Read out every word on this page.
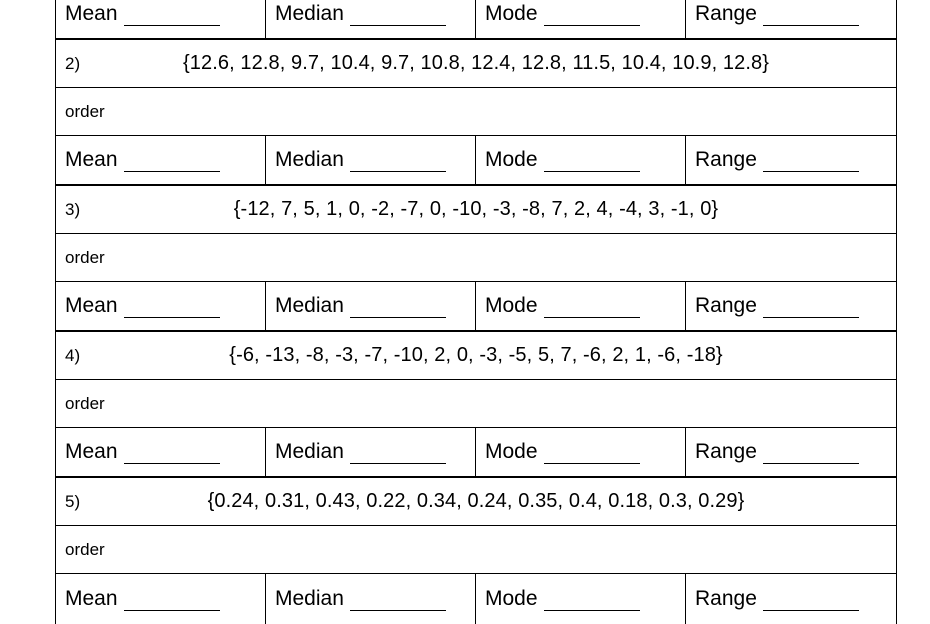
Mean	Median	Mode	Range
2)	{12.6, 12.8, 9.7, 10.4, 9.7, 10.8, 12.4, 12.8, 11.5, 10.4, 10.9, 12.8}
order
Mean	Median	Mode	Range
3)	{-12, 7, 5, 1, 0, -2, -7, 0, -10, -3, -8, 7, 2, 4, -4, 3, -1, 0}
order
Mean	Median	Mode	Range
4)	{-6, -13, -8, -3, -7, -10, 2, 0, -3, -5, 5, 7, -6, 2, 1, -6, -18}
order
Mean	Median	Mode	Range
5)	{0.24, 0.31, 0.43, 0.22, 0.34, 0.24, 0.35, 0.4, 0.18, 0.3, 0.29}
order
Mean	Median	Mode	Range
